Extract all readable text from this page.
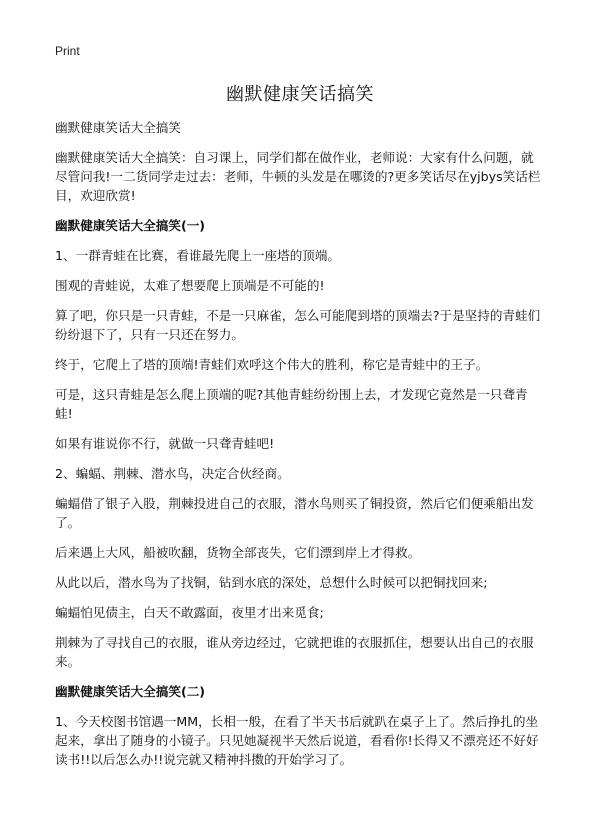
Print
幽默健康笑话搞笑

幽默健康笑话大全搞笑

幽默健康笑话大全搞笑：自习课上，同学们都在做作业，老师说：大家有什么问题，就尽管问我!一二货同学走过去：老师，牛顿的头发是在哪烫的?更多笑话尽在yjbys笑话栏目，欢迎欣赏!

幽默健康笑话大全搞笑(一)

1、一群青蛙在比赛，看谁最先爬上一座塔的顶端。

围观的青蛙说，太难了想要爬上顶端是不可能的!

算了吧，你只是一只青蛙，不是一只麻雀，怎么可能爬到塔的顶端去?于是坚持的青蛙们纷纷退下了，只有一只还在努力。

终于，它爬上了塔的顶端!青蛙们欢呼这个伟大的胜利，称它是青蛙中的王子。

可是，这只青蛙是怎么爬上顶端的呢?其他青蛙纷纷围上去，才发现它竟然是一只聋青蛙!

如果有谁说你不行，就做一只聋青蛙吧!

2、蝙蝠、荆棘、潜水鸟，决定合伙经商。

蝙蝠借了银子入股，荆棘投进自己的衣服，潜水鸟则买了铜投资，然后它们便乘船出发了。

后来遇上大风，船被吹翻，货物全部丧失，它们漂到岸上才得救。

从此以后，潜水鸟为了找铜，钻到水底的深处，总想什么时候可以把铜找回来;

蝙蝠怕见债主，白天不敢露面，夜里才出来觅食;

荆棘为了寻找自己的衣服，谁从旁边经过，它就把谁的衣服抓住，想要认出自己的衣服来。

幽默健康笑话大全搞笑(二)

1、今天校图书馆遇一MM，长相一般，在看了半天书后就趴在桌子上了。然后挣扎的坐起来，拿出了随身的小镜子。只见她凝视半天然后说道，看看你!长得又不漂亮还不好好读书!!以后怎么办!!说完就又精神抖擞的开始学习了。
